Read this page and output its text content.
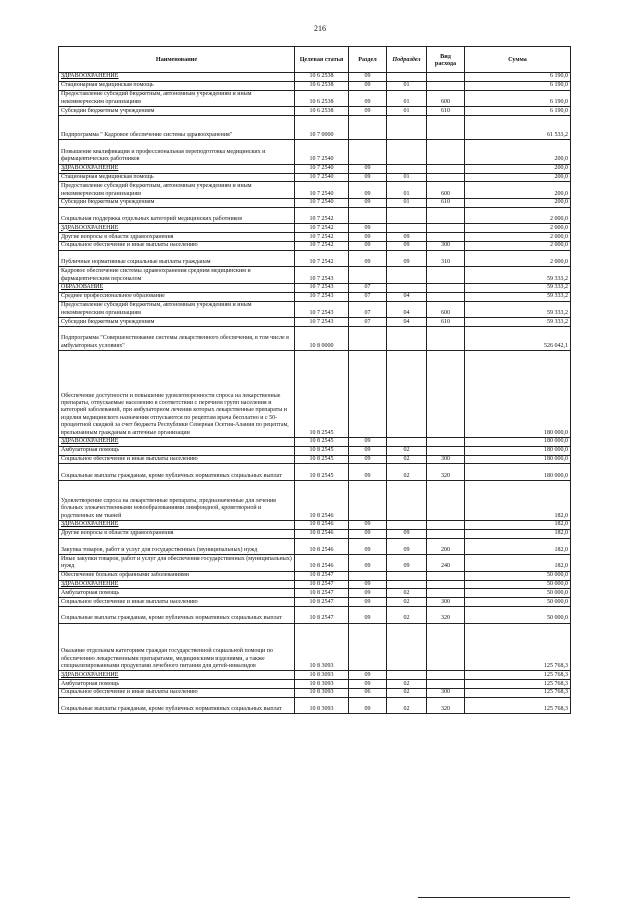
216
Наименование	Целевая статья	Раздел	Подраздел	Вид расхода	Сумма
ЗДРАВООХРАНЕНИЕ	10 6 2538	09			6 190,0
Стационарная медицинская помощь	10 6 2538	09	01		6 190,0
Предоставление субсидий бюджетным, автономным учреждениям и иным некоммерческим организациям	10 6 2538	09	01	600	6 190,0
Субсидии бюджетным учреждениям	10 6 2538	09	01	610	6 190,0
Подпрограмма " Кадровое обеспечение системы здравоохранения"	10 7 0000				61 533,2
Повышение квалификации и профессиональная переподготовка медицинских и фармацевтических работников	10 7 2540				200,0
ЗДРАВООХРАНЕНИЕ	10 7 2540	09			200,0
Стационарная медицинская помощь	10 7 2540	09	01		200,0
Предоставление субсидий бюджетным, автономным учреждениям и иным некоммерческим организациям	10 7 2540	09	01	600	200,0
Субсидии бюджетным учреждениям	10 7 2540	09	01	610	200,0
Социальная поддержка отдельных категорий медицинских работников	10 7 2542				2 000,0
ЗДРАВООХРАНЕНИЕ	10 7 2542	09			2 000,0
Другие вопросы в области здравоохранения	10 7 2542	09	09		2 000,0
Социальное обеспечение и иные выплаты населению	10 7 2542	09	09	300	2 000,0
Публичные нормативные социальные выплаты гражданам	10 7 2542	09	09	310	2 000,0
Кадровое обеспечение системы здравоохранения средним медицинским и фармацевтическим персоналом	10 7 2543				59 333,2
ОБРАЗОВАНИЕ	10 7 2543	07			59 333,2
Среднее профессиональное образование	10 7 2543	07	04		59 333,2
Предоставление субсидий бюджетным, автономным учреждениям и иным некоммерческим организациям	10 7 2543	07	04	600	59 333,2
Субсидии бюджетным учреждениям	10 7 2543	07	04	610	59 333,2
Подпрограмма "Совершенствование системы лекарственного обеспечения, в том числе в амбулаторных условиях"	10 8 0000				526 042,1
Обеспечение доступности и повышение удовлетворенности спроса на лекарственные препараты, отпускаемые населению в соответствии с перечнем групп населения и категорий заболеваний, при амбулаторном лечении которых лекарственные препараты и изделия медицинского назначения отпускаются по рецептам врача бесплатно и с 50-процентной скидкой за счет бюджета Республики Северная Осетия-Алания по рецептам, врельязанным гражданам в аптечные организации	10 8 2545				180 000,0
ЗДРАВООХРАНЕНИЕ	10 8 2545	09			180 000,0
Амбулаторная помощь	10 8 2545	09	02		180 000,0
Социальное обеспечение и иные выплаты населению	10 8 2545	09	02	300	180 000,0
Социальные выплаты гражданам, кроме публичных нормативных социальных выплат	10 8 2545	09	02	320	180 000,0
Удовлетворение спроса на лекарственные препараты, предназначенные для лечения больных злокачественными новообразованиями лимфоидной, кроветворной и родственных им тканей	10 8 2546				182,0
ЗДРАВООХРАНЕНИЕ	10 8 2546	09			182,0
Другие вопросы в области здравоохранения	10 8 2546	09	09		182,0
Закупка товаров, работ и услуг для государственных (муниципальных) нужд	10 8 2546	09	09	200	182,0
Иные закупки товаров, работ и услуг для обеспечения государственных (муниципальных) нужд	10 8 2546	09	09	240	182,0
Обеспечение больных орфанными заболеваниями	10 8 2547				50 000,0
ЗДРАВООХРАНЕНИЕ	10 8 2547	09			50 000,0
Амбулаторная помощь	10 8 2547	09	02		50 000,0
Социальное обеспечение и иные выплаты населению	10 8 2547	09	02	300	50 000,0
Социальные выплаты гражданам, кроме публичных нормативных социальных выплат	10 8 2547	09	02	320	50 000,0
Оказание отдельным категориям граждан государственной социальной помощи по обеспечению лекарственными препаратами, медицинскими изделиями, а также специализированными продуктами лечебного питания для детей-инвалидов	10 8 3093				125 768,3
ЗДРАВООХРАНЕНИЕ	10 8 3093	09			125 768,3
Амбулаторная помощь	10 8 3093	09	02		125 768,3
Социальное обеспечение и иные выплаты населению	10 8 3093	06	02	300	125 768,3
Социальные выплаты гражданам, кроме публичных нормативных социальных выплат	10 8 3093	09	02	320	125 768,3
